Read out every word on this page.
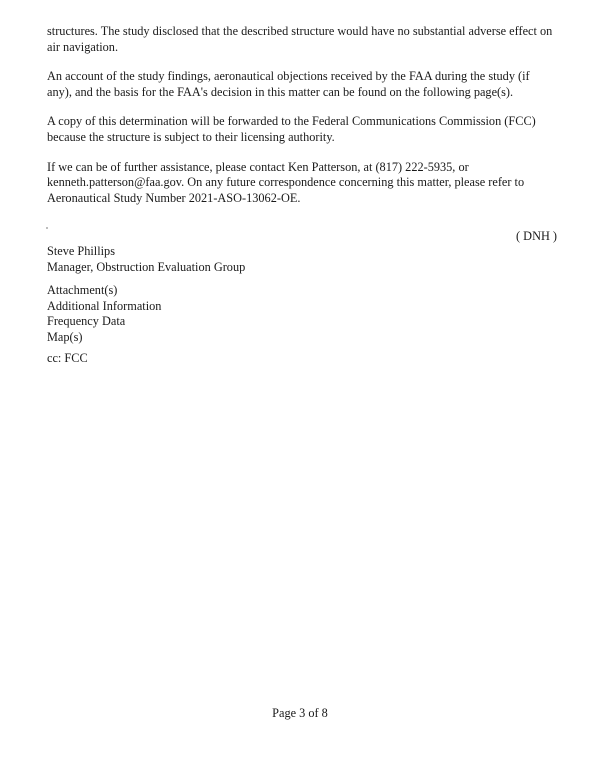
structures. The study disclosed that the described structure would have no substantial adverse effect on air navigation.

An account of the study findings, aeronautical objections received by the FAA during the study (if any), and the basis for the FAA's decision in this matter can be found on the following page(s).

A copy of this determination will be forwarded to the Federal Communications Commission (FCC) because the structure is subject to their licensing authority.

If we can be of further assistance, please contact Ken Patterson, at (817) 222-5935, or kenneth.patterson@faa.gov. On any future correspondence concerning this matter, please refer to Aeronautical Study Number 2021-ASO-13062-OE.

( DNH )
Steve Phillips
Manager, Obstruction Evaluation Group
Attachment(s)
Additional Information
Frequency Data
Map(s)
cc: FCC
Page 3 of 8
